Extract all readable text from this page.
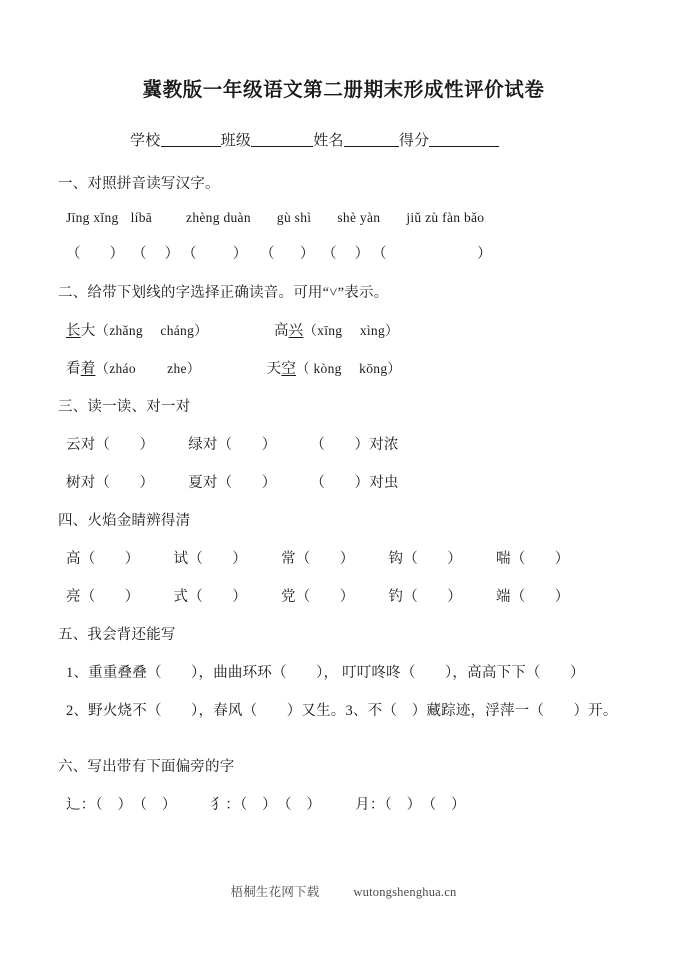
冀教版一年级语文第二册期末形成性评价试卷
学校	班级	姓名	得分
一、对照拼音读写汉字。
Jīng xǐng líbā	zhèng duàn gù shì shè yàn jiǔ zù fàn bǎo
（        ） （     ） （          ） （       ） （     ） （                         ）
二、给带下划线的字选择正确读音。可用“˅”表示。
长大（zhǎng　 cháng）	高兴（xīng　 xìng）
看着（zháo　　 zhe）	天空（ kòng　 kōng）
三、读一读、对一对
云对（　　） 绿对（　　） （　　）对浓
树对（　　） 夏对（　　） （　　）对虫
四、火焰金睛辨得清
高（　　） 试（　　） 常（　　） 钩（　　） 喘（　　）
亮（　　） 式（　　） 党（　　） 钓（　　） 端（　　）
五、我会背还能写
1、重重叠叠（　　），曲曲环环（　　）， 叮叮咚咚（　　），高高下下（　　）
2、野火烧不（　　），春风（　　）又生。3、不（　）藏踪迹，浮萍一（　　）开。
六、写出带有下面偏旁的字
辶：（　）　（　） 犭：（　）　（　） 月：（　）　（　）
梧桐生花网下载	wutongshenghua.cn
